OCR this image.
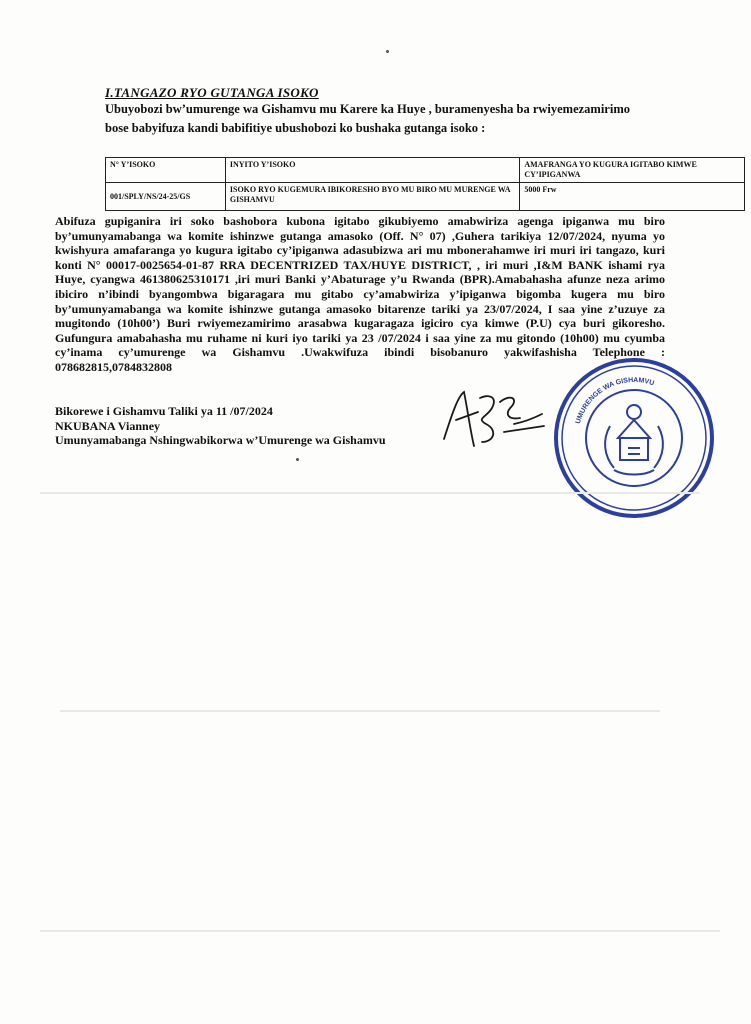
I.TANGAZO RYO GUTANGA ISOKO
Ubuyobozi bw’umurenge wa Gishamvu mu Karere ka Huye , buramenyesha ba rwiyemezamirimo bose babyifuza kandi babifitiye ubushobozi ko bushaka gutanga isoko :
N° Y’ISOKO	INYITO Y’ISOKO	AMAFRANGA YO KUGURA IGITABO KIMWE CY’IPIGANWA
001/SPLY/NS/24-25/GS	ISOKO RYO KUGEMURA IBIKORESHO BYO MU BIRO MU MURENGE WA GISHAMVU	5000 Frw

Abifuza gupiganira iri soko bashobora kubona igitabo gikubiyemo amabwiriza agenga ipiganwa mu biro by’umunyamabanga wa komite ishinzwe gutanga amasoko (Off. N° 07) ,Guhera tarikiya 12/07/2024, nyuma yo kwishyura amafaranga yo kugura igitabo cy’ipiganwa adasubizwa ari mu mbonerahamwe iri muri iri tangazo, kuri konti N° 00017-0025654-01-87 RRA DECENTRIZED TAX/HUYE DISTRICT, , iri muri ,I&M BANK ishami rya Huye, cyangwa 461380625310171 ,iri muri Banki y’Abaturage y’u Rwanda (BPR).Amabahasha afunze neza arimo ibiciro n’ibindi byangombwa bigaragara mu gitabo cy’amabwiriza y’ipiganwa bigomba kugera mu biro by’umunyamabanga wa komite ishinzwe gutanga amasoko bitarenze tariki ya 23/07/2024, I saa yine z’uzuye za mugitondo (10h00’) Buri rwiyemezamirimo arasabwa kugaragaza igiciro cya kimwe (P.U) cya buri gikoresho. Gufungura amabahasha mu ruhame ni kuri iyo tariki ya 23 /07/2024 i saa yine za mu gitondo (10h00) mu cyumba cy’inama cy’umurenge wa Gishamvu .Uwakwifuza ibindi bisobanuro yakwifashisha Telephone : 078682815,0784832808

Bikorewe i Gishamvu Taliki ya 11 /07/2024
NKUBANA Vianney
Umunyamabanga Nshingwabikorwa w’Umurenge wa Gishamvu
UMURENGE WA GISHAMVU
